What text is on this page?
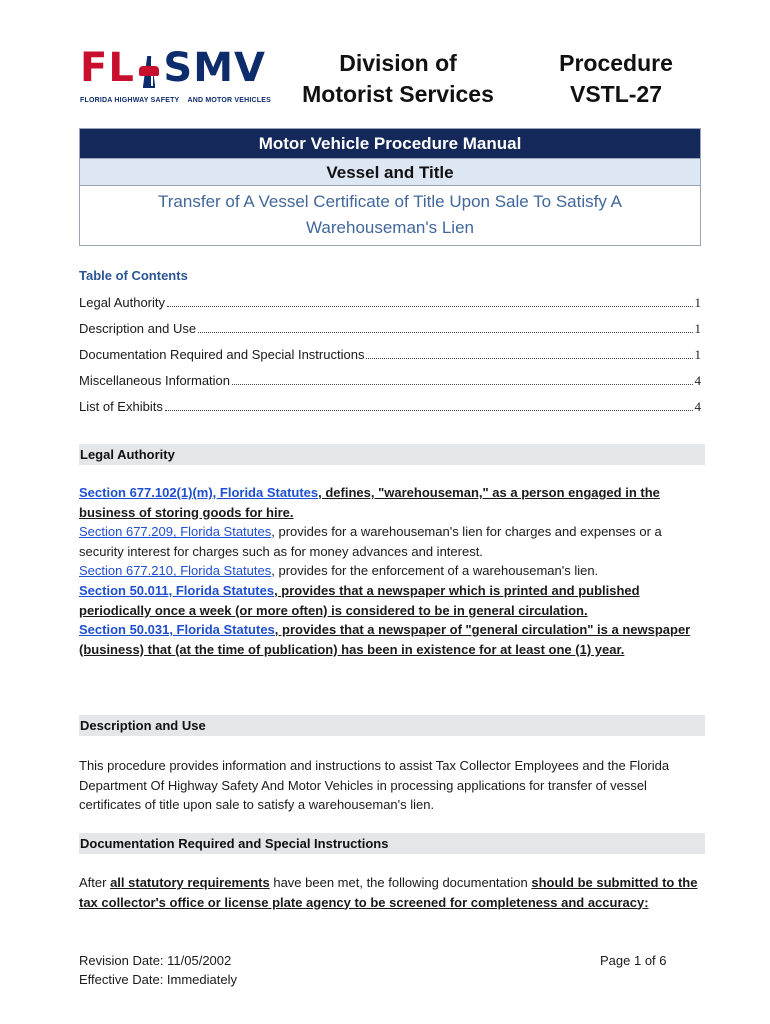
FL SMV
FLORIDA HIGHWAY SAFETY AND MOTOR VEHICLES
Division of
Motorist Services
Procedure
VSTL-27
Motor Vehicle Procedure Manual
Vessel and Title
Transfer of A Vessel Certificate of Title Upon Sale To Satisfy A
Warehouseman's Lien
Table of Contents
Legal Authority	1
Description and Use	1
Documentation Required and Special Instructions	1
Miscellaneous Information	4
List of Exhibits	4
Legal Authority

Section 677.102(1)(m), Florida Statutes, defines, "warehouseman," as a person engaged in the business of storing goods for hire.

Section 677.209, Florida Statutes, provides for a warehouseman's lien for charges and expenses or a security interest for charges such as for money advances and interest.

Section 677.210, Florida Statutes, provides for the enforcement of a warehouseman's lien.

Section 50.011, Florida Statutes, provides that a newspaper which is printed and published periodically once a week (or more often) is considered to be in general circulation.

Section 50.031, Florida Statutes, provides that a newspaper of "general circulation" is a newspaper (business) that (at the time of publication) has been in existence for at least one (1) year.

Description and Use
This procedure provides information and instructions to assist Tax Collector Employees and the Florida Department Of Highway Safety And Motor Vehicles in processing applications for transfer of vessel certificates of title upon sale to satisfy a warehouseman's lien.
Documentation Required and Special Instructions
After all statutory requirements have been met, the following documentation should be submitted to the tax collector's office or license plate agency to be screened for completeness and accuracy:
Revision Date: 11/05/2002
Effective Date: Immediately
Page 1 of 6
